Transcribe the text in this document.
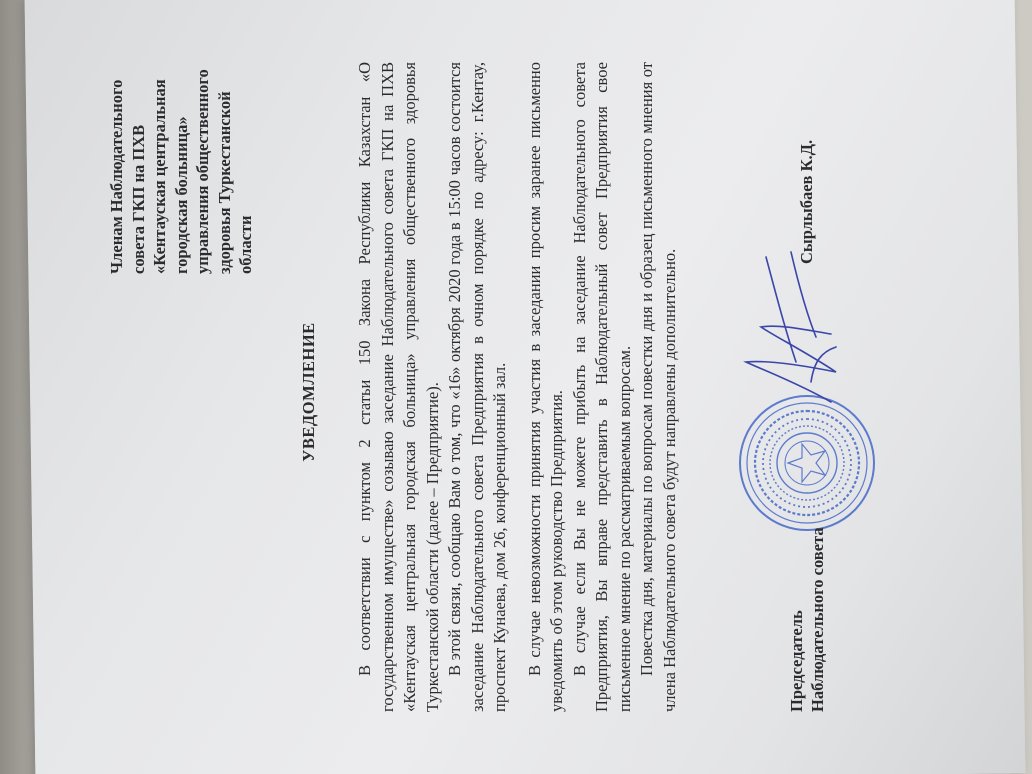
Членам Наблюдательного совета ГКП на ПХВ «Кентауская центральная городская больница» управления общественного здоровья Туркестанской области
УВЕДОМЛЕНИЕ В соответствии с пунктом 2 статьи 150 Закона Республики Казахстан «О государственном имуществе» созываю заседание Наблюдательного совета ГКП на ПХВ «Кентауская центральная городская больница» управления общественного здоровья Туркестанской области (далее – Предприятие). В этой связи, сообщаю Вам о том, что «16» октября 2020 года в 15:00 часов состоится заседание Наблюдательного совета Предприятия в очном порядке по адресу: г.Кентау, проспект Кунаева, дом 26, конференционный зал. В случае невозможности принятия участия в заседании просим заранее письменно уведомить об этом руководство Предприятия. В случае если Вы не можете прибыть на заседание Наблюдательного совета Предприятия, Вы вправе представить в Наблюдательный совет Предприятия свое письменное мнение по рассматриваемым вопросам. Повестка дня, материалы по вопросам повестки дня и образец письменного мнения от члена Наблюдательного совета будут направлены дополнительно.	Председатель Наблюдательного совета
Сырлыбаев К.Д.
